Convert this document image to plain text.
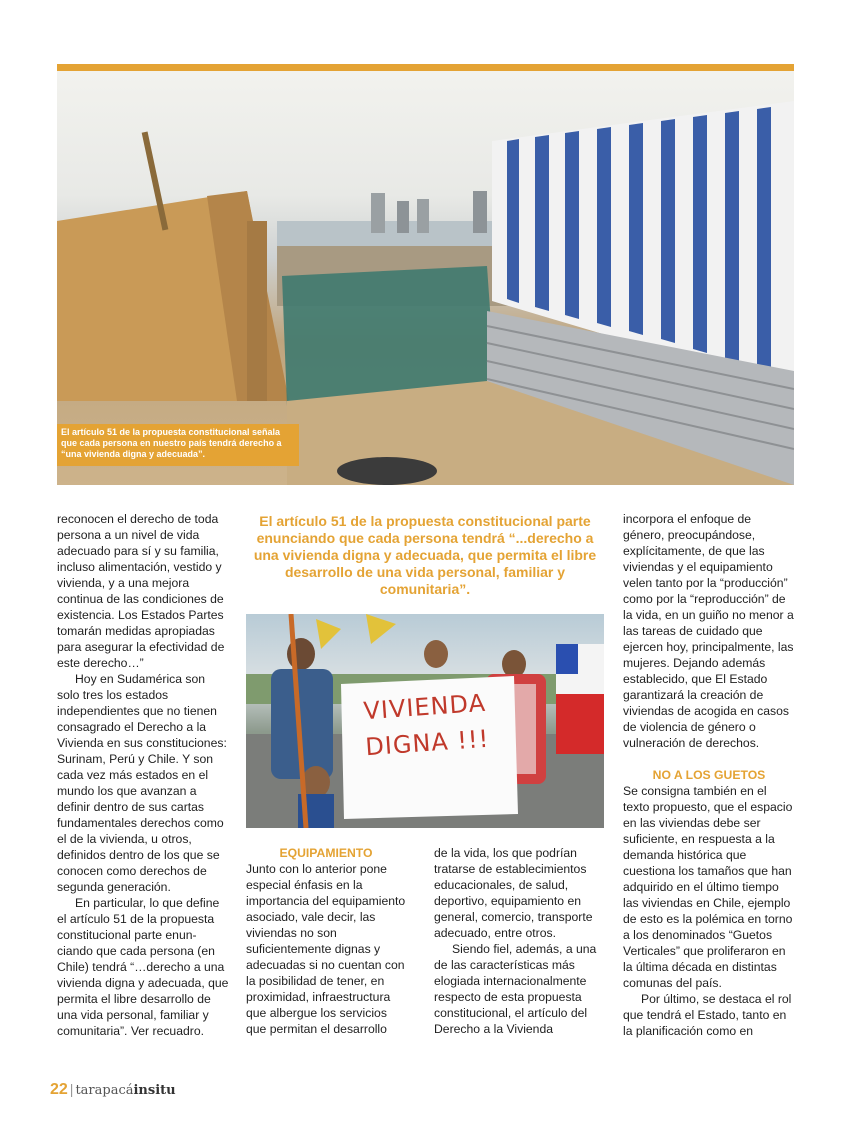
El artículo 51 de la propuesta constitucional señala que cada persona en nuestro país tendrá derecho a “una vivienda digna y adecuada”.

reconocen el derecho de toda persona a un nivel de vida adecuado para sí y su familia, incluso alimentación, vestido y vivienda, y a una mejora continua de las condiciones de existencia. Los Estados Partes tomarán medidas apropiadas para asegurar la efectividad de este derecho…”

Hoy en Sudamérica son solo tres los estados independientes que no tienen consagrado el Derecho a la Vivienda en sus constituciones: Surinam, Perú y Chile. Y son cada vez más estados en el mundo los que avanzan a definir dentro de sus cartas fundamentales derechos como el de la vivienda, u otros, definidos dentro de los que se conocen como derechos de segunda generación.

En particular, lo que define el artículo 51 de la propuesta constitucional parte enun-ciando que cada persona (en Chile) tendrá “…derecho a una vivienda digna y adecuada, que permita el libre desarrollo de una vida personal, familiar y comunitaria”. Ver recuadro.

El artículo 51 de la propuesta constitucional parte enunciando que cada persona tendrá “...derecho a una vivienda digna y adecuada, que permita el libre desarrollo de una vida personal, familiar y comunitaria”.
VIVIENDA
DIGNA !!!

EQUIPAMIENTO

Junto con lo anterior pone especial énfasis en la importancia del equipamiento asociado, vale decir, las viviendas no son suficientemente dignas y adecuadas si no cuentan con la posibilidad de tener, en proximidad, infraestructura que albergue los servicios que permitan el desarrollo

de la vida, los que podrían tratarse de establecimientos educacionales, de salud, deportivo, equipamiento en general, comercio, transporte adecuado, entre otros.

Siendo fiel, además, a una de las características más elogiada internacionalmente respecto de esta propuesta constitucional, el artículo del Derecho a la Vivienda

incorpora el enfoque de género, preocupándose, explícitamente, de que las viviendas y el equipamiento velen tanto por la “producción” como por la “reproducción” de la vida, en un guiño no menor a las tareas de cuidado que ejercen hoy, principalmente, las mujeres. Dejando además establecido, que El Estado garantizará la creación de viviendas de acogida en casos de violencia de género o vulneración de derechos.

NO A LOS GUETOS

Se consigna también en el texto propuesto, que el espacio en las viviendas debe ser suficiente, en respuesta a la demanda histórica que cuestiona los tamaños que han adquirido en el último tiempo las viviendas en Chile, ejemplo de esto es la polémica en torno a los denominados “Guetos Verticales” que proliferaron en la última década en distintas comunas del país.

Por último, se destaca el rol que tendrá el Estado, tanto en la planificación como en

22 | tarapacáinsitu
